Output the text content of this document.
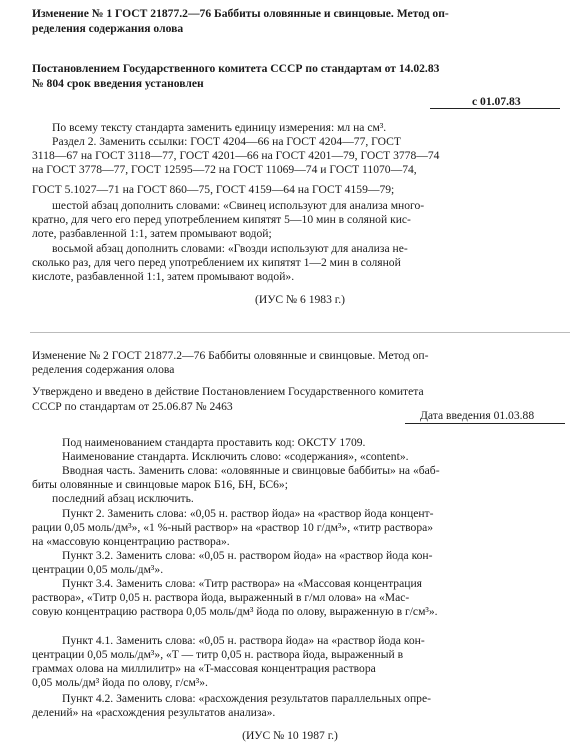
Изменение № 1 ГОСТ 21877.2—76 Баббиты оловянные и свинцовые. Метод оп-

ределения содержания олова

Постановлением Государственного комитета СССР по стандартам от 14.02.83

№ 804 срок введения установлен

с 01.07.83

По всему тексту стандарта заменить единицу измерения: мл на см³.

Раздел 2. Заменить ссылки: ГОСТ 4204—66 на ГОСТ 4204—77, ГОСТ

3118—67 на ГОСТ 3118—77, ГОСТ 4201—66 на ГОСТ 4201—79, ГОСТ 3778—74

на ГОСТ 3778—77, ГОСТ 12595—72 на ГОСТ 11069—74 и ГОСТ 11070—74,

ГОСТ 5.1027—71 на ГОСТ 860—75, ГОСТ 4159—64 на ГОСТ 4159—79;

шестой абзац дополнить словами: «Свинец используют для анализа много-

кратно, для чего его перед употреблением кипятят 5—10 мин в соляной кис-

лоте, разбавленной 1:1, затем промывают водой;

восьмой абзац дополнить словами: «Гвозди используют для анализа не-

сколько раз, для чего перед употреблением их кипятят 1—2 мин в соляной

кислоте, разбавленной 1:1, затем промывают водой».

(ИУС № 6 1983 г.)

Изменение № 2 ГОСТ 21877.2—76 Баббиты оловянные и свинцовые. Метод оп-

ределения содержания олова

Утверждено и введено в действие Постановлением Государственного комитета

СССР по стандартам от 25.06.87 № 2463

Дата введения 01.03.88

Под наименованием стандарта проставить код: ОКСТУ 1709.

Наименование стандарта. Исключить слово: «содержания», «content».

Вводная часть. Заменить слова: «оловянные и свинцовые баббиты» на «баб-

биты оловянные и свинцовые марок Б16, БН, БС6»;

последний абзац исключить.

Пункт 2. Заменить слова: «0,05 н. раствор йода» на «раствор йода концент-

рации 0,05 моль/дм³», «1 %-ный раствор» на «раствор 10 г/дм³», «титр раствора»

на «массовую концентрацию раствора».

Пункт 3.2. Заменить слова: «0,05 н. раствором йода» на «раствор йода кон-

центрации 0,05 моль/дм³».

Пункт 3.4. Заменить слова: «Титр раствора» на «Массовая концентрация

раствора», «Титр 0,05 н. раствора йода, выраженный в г/мл олова» на «Мас-

совую концентрацию раствора 0,05 моль/дм³ йода по олову, выраженную в г/см³».

Пункт 4.1. Заменить слова: «0,05 н. раствора йода» на «раствор йода кон-

центрации 0,05 моль/дм³», «T — титр 0,05 н. раствора йода, выраженный в

граммах олова на миллилитр» на «T-массовая концентрация раствора

0,05 моль/дм³ йода по олову, г/см³».

Пункт 4.2. Заменить слова: «расхождения результатов параллельных опре-

делений» на «расхождения результатов анализа».

(ИУС № 10 1987 г.)
